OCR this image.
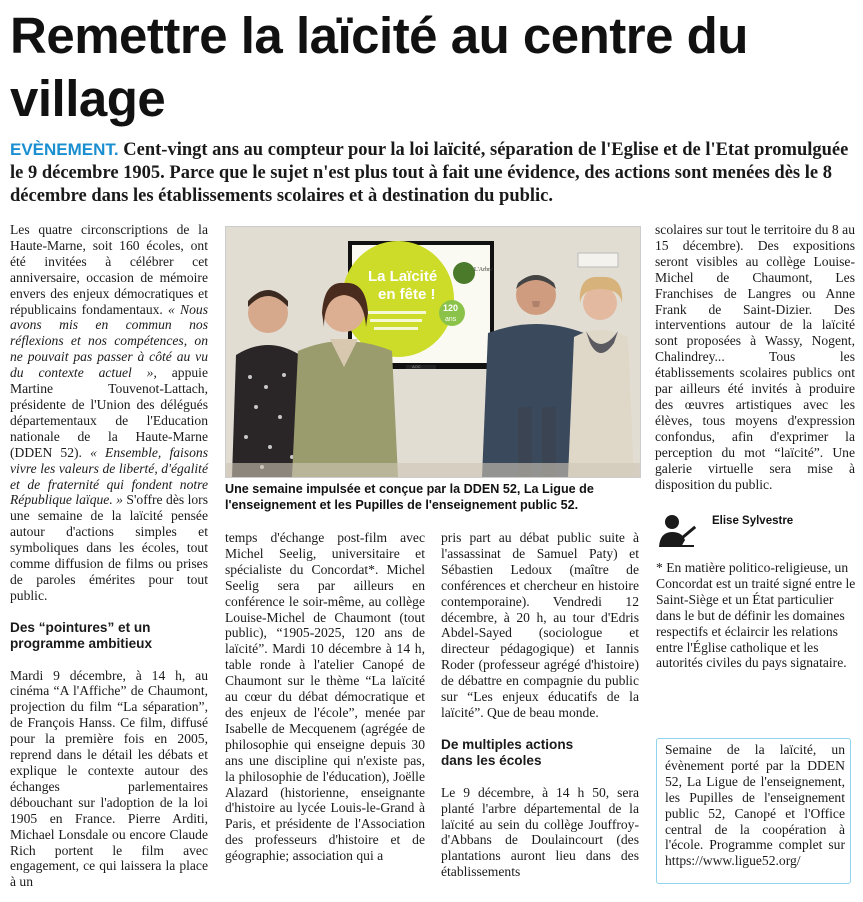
Remettre la laïcité au centre du village

EVÈNEMENT. Cent-vingt ans au compteur pour la loi laïcité, séparation de l'Eglise et de l'Etat promulguée le 9 décembre 1905. Parce que le sujet n'est plus tout à fait une évidence, des actions sont menées dès le 8 décembre dans les établissements scolaires et à destination du public.

Les quatre circonscriptions de la Haute-Marne, soit 160 écoles, ont été invitées à célébrer cet anniversaire, occasion de mémoire envers des enjeux démocratiques et républicains fondamentaux. « Nous avons mis en commun nos réflexions et nos compétences, on ne pouvait pas passer à côté au vu du contexte actuel », appuie Martine Touvenot-Lattach, présidente de l'Union des délégués départementaux de l'Education nationale de la Haute-Marne (DDEN 52). « Ensemble, faisons vivre les valeurs de liberté, d'égalité et de fraternité qui fondent notre République laïque. » S'offre dès lors une semaine de la laïcité pensée autour d'actions simples et symboliques dans les écoles, tout comme diffusion de films ou prises de paroles émérites pour tout public.

Des “pointures” et un programme ambitieux

Mardi 9 décembre, à 14 h, au cinéma “A l'Affiche” de Chaumont, projection du film “La séparation”, de François Hanss. Ce film, diffusé pour la première fois en 2005, reprend dans le détail les débats et explique le contexte autour des échanges parlementaires débouchant sur l'adoption de la loi 1905 en France. Pierre Arditi, Michael Lonsdale ou encore Claude Rich portent le film avec engagement, ce qui laissera la place à un

La Laïcité
en fête !
120
ans
L'Arbre
AOC

Une semaine impulsée et conçue par la DDEN 52, La Ligue de l'enseignement et les Pupilles de l'enseignement public 52.

temps d'échange post-film avec Michel Seelig, universitaire et spécialiste du Concordat*. Michel Seelig sera par ailleurs en conférence le soir-même, au collège Louise-Michel de Chaumont (tout public), “1905-2025, 120 ans de laïcité”. Mardi 10 décembre à 14 h, table ronde à l'atelier Canopé de Chaumont sur le thème “La laïcité au cœur du débat démocratique et des enjeux de l'école”, menée par Isabelle de Mecquenem (agrégée de philosophie qui enseigne depuis 30 ans une discipline qui n'existe pas, la philosophie de l'éducation), Joëlle Alazard (historienne, enseignante d'histoire au lycée Louis-le-Grand à Paris, et présidente de l'Association des professeurs d'histoire et de géographie; association qui a

pris part au débat public suite à l'assassinat de Samuel Paty) et Sébastien Ledoux (maître de conférences et chercheur en histoire contemporaine). Vendredi 12 décembre, à 20 h, au tour d'Edris Abdel-Sayed (sociologue et directeur pédagogique) et Iannis Roder (professeur agrégé d'histoire) de débattre en compagnie du public sur “Les enjeux éducatifs de la laïcité”. Que de beau monde.

De multiples actions dans les écoles

Le 9 décembre, à 14 h 50, sera planté l'arbre départemental de la laïcité au sein du collège Jouffroy-d'Abbans de Doulaincourt (des plantations auront lieu dans des établissements

scolaires sur tout le territoire du 8 au 15 décembre). Des expositions seront visibles au collège Louise-Michel de Chaumont, Les Franchises de Langres ou Anne Frank de Saint-Dizier. Des interventions autour de la laïcité sont proposées à Wassy, Nogent, Chalindrey... Tous les établissements scolaires publics ont par ailleurs été invités à produire des œuvres artistiques avec les élèves, tous moyens d'expression confondus, afin d'exprimer la perception du mot “laïcité”. Une galerie virtuelle sera mise à disposition du public.

Elise Sylvestre

* En matière politico-religieuse, un Concordat est un traité signé entre le Saint-Siège et un État particulier dans le but de définir les domaines respectifs et éclaircir les relations entre l'Église catholique et les autorités civiles du pays signataire.

Semaine de la laïcité, un évènement porté par la DDEN 52, La Ligue de l'enseignement, les Pupilles de l'enseignement public 52, Canopé et l'Office central de la coopération à l'école. Programme complet sur https://www.ligue52.org/
